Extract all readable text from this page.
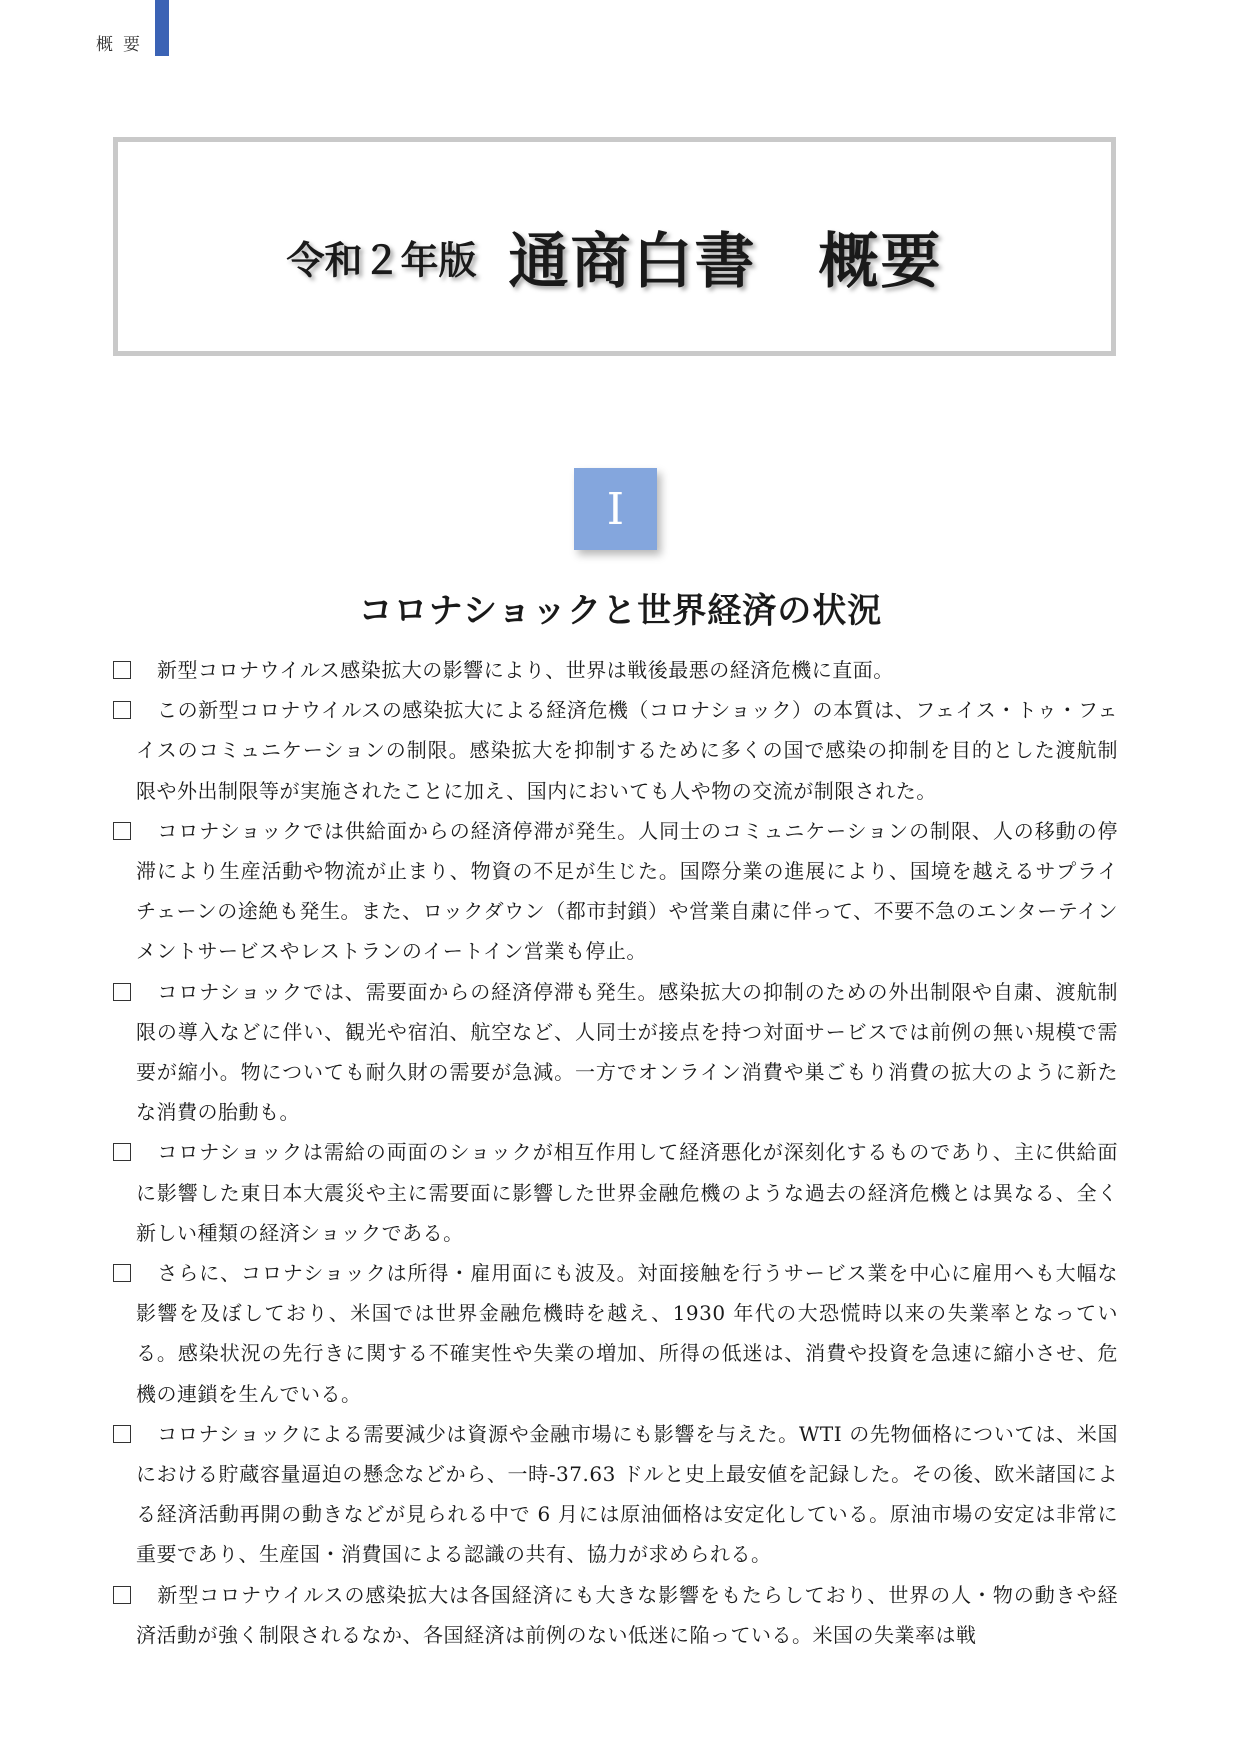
概要
令和２年版 通商白書　概要
I
コロナショックと世界経済の状況

新型コロナウイルス感染拡大の影響により、世界は戦後最悪の経済危機に直面。

この新型コロナウイルスの感染拡大による経済危機（コロナショック）の本質は、フェイス・トゥ・フェイスのコミュニケーションの制限。感染拡大を抑制するために多くの国で感染の抑制を目的とした渡航制限や外出制限等が実施されたことに加え、国内においても人や物の交流が制限された。

コロナショックでは供給面からの経済停滞が発生。人同士のコミュニケーションの制限、人の移動の停滞により生産活動や物流が止まり、物資の不足が生じた。国際分業の進展により、国境を越えるサプライチェーンの途絶も発生。また、ロックダウン（都市封鎖）や営業自粛に伴って、不要不急のエンターテインメントサービスやレストランのイートイン営業も停止。

コロナショックでは、需要面からの経済停滞も発生。感染拡大の抑制のための外出制限や自粛、渡航制限の導入などに伴い、観光や宿泊、航空など、人同士が接点を持つ対面サービスでは前例の無い規模で需要が縮小。物についても耐久財の需要が急減。一方でオンライン消費や巣ごもり消費の拡大のように新たな消費の胎動も。

コロナショックは需給の両面のショックが相互作用して経済悪化が深刻化するものであり、主に供給面に影響した東日本大震災や主に需要面に影響した世界金融危機のような過去の経済危機とは異なる、全く新しい種類の経済ショックである。

さらに、コロナショックは所得・雇用面にも波及。対面接触を行うサービス業を中心に雇用へも大幅な影響を及ぼしており、米国では世界金融危機時を越え、1930 年代の大恐慌時以来の失業率となっている。感染状況の先行きに関する不確実性や失業の増加、所得の低迷は、消費や投資を急速に縮小させ、危機の連鎖を生んでいる。

コロナショックによる需要減少は資源や金融市場にも影響を与えた。WTI の先物価格については、米国における貯蔵容量逼迫の懸念などから、一時-37.63 ドルと史上最安値を記録した。その後、欧米諸国による経済活動再開の動きなどが見られる中で 6 月には原油価格は安定化している。原油市場の安定は非常に重要であり、生産国・消費国による認識の共有、協力が求められる。

新型コロナウイルスの感染拡大は各国経済にも大きな影響をもたらしており、世界の人・物の動きや経済活動が強く制限されるなか、各国経済は前例のない低迷に陥っている。米国の失業率は戦
